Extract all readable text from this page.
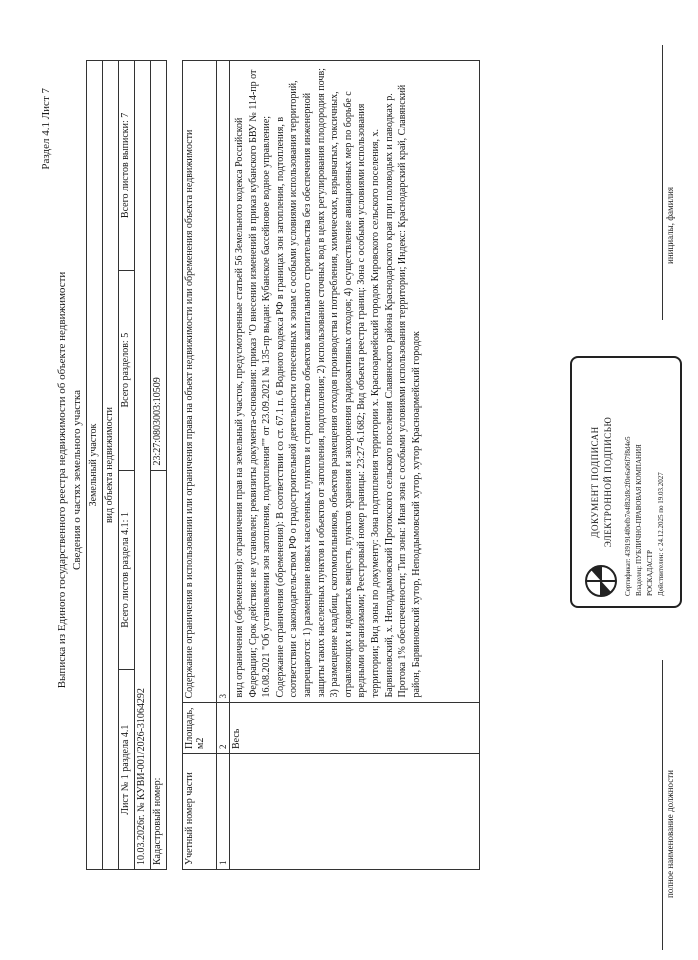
Раздел 4.1 Лист 7
Выписка из Единого государственного реестра недвижимости об объекте недвижимости Сведения о частях земельного участка Земельный участок			
вид объекта недвижимости			
Лист № 1 раздела 4.1	Всего листов раздела 4.1: 1	Всего разделов: 5	Всего листов выписки: 7
10.03.2026г. № КУВИ-001/2026-31064292			
Кадастровый номер:		23:27:0803003:10509	
Учетный номер части	Площадь, м2	Содержание ограничения в использовании или ограничения права на объект недвижимости или обременения объекта недвижимости
1	2	3
	Весь	вид ограничения (обременения): ограничения прав на земельный участок, предусмотренные статьей 56 Земельного кодекса Российской Федерации; Срок действия: не установлен; реквизиты документа-основания: приказ "О внесении изменений в приказ кубанского БВУ № 114-пр от 16.08.2021 "Об установлении зон затопления, подтопления"" от 23.09.2021 № 135-пр выдан: Кубанское бассейновое водное управление; Содержание ограничения (обременения): В соответствии со ст. 67.1 п. 6 Водного кодекса РФ в границах зон затопления, подтопления, в соответствии с законодательством РФ о градостроительной деятельности отнесенных к зонам с особыми условиями использования территорий, запрещаются: 1) размещение новых населенных пунктов и строительство объектов капитального строительства без обеспечения инженерной защиты таких населенных пунктов и объектов от затопления, подтопления; 2) использование сточных вод в целях регулирования плодородия почв; 3) размещение кладбищ, скотомогильников, объектов размещения отходов производства и потребления, химических, взрывчатых, токсичных, отравляющих и ядовитых веществ, пунктов хранения и захоронения радиоактивных отходов; 4) осуществление авиационных мер по борьбе с вредными организмами; Реестровый номер границы: 23:27-6.1682; Вид объекта реестра границ: Зона с особыми условиями использования территории; Вид зоны по документу: Зона подтопления территории х. Красноармейский городок Кировского сельского поселения, х. Барвиновский, х. Неподдымовский Протокского сельского поселения Славянского района Краснодарского края при половодьях и паводках р. Протока 1% обеспеченности; Тип зоны: Иная зона с особыми условиями использования территории; Индекс: Краснодарский край, Славянский район, Барвиновский хутор, Неподдымовский хутор, хутор Красноармейский городок	ДОКУМЕНТ ПОДПИСАН ЭЛЕКТРОННОЙ ПОДПИСЬЮ Сертификат: 4391914f0efb7e4f82d8c2f0e6a06f7f8d4e5 Владелец: ПУБЛИЧНО-ПРАВОВАЯ КОМПАНИЯ РОСКАДАСТР Действителен: с 24.12.2025 по 19.03.2027
полное наименование должности
инициалы, фамилия
